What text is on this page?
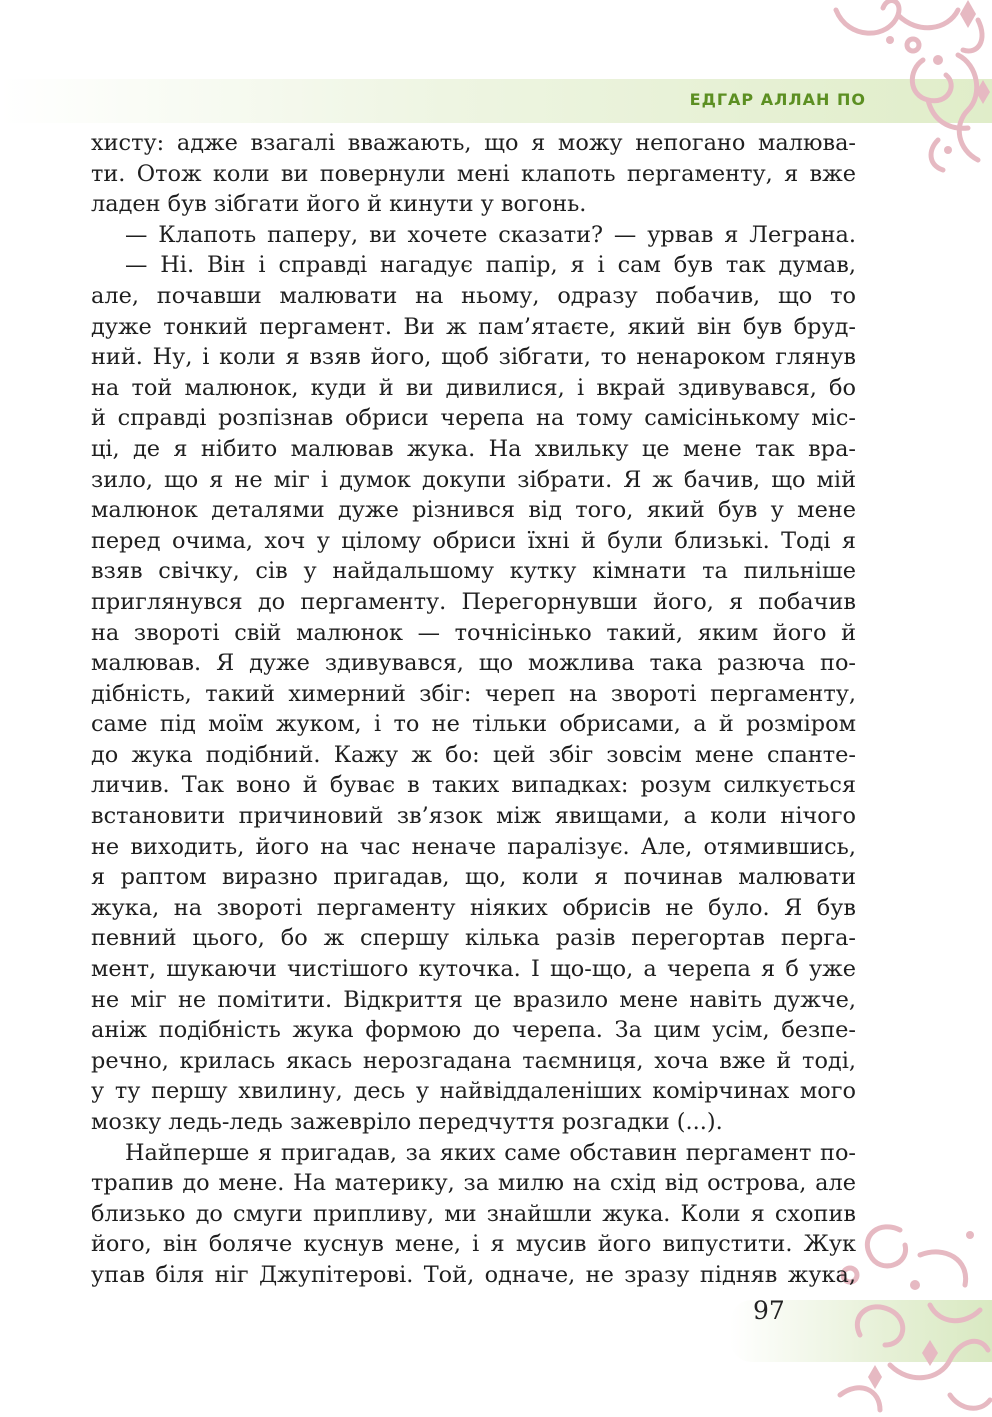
ЕДГАР АЛЛАН ПО
хисту: адже взагалі вважають, що я можу непогано малюва-
ти. Отож коли ви повернули мені клапоть пергаменту, я вже
ладен був зібгати його й кинути у вогонь.
— Клапоть паперу, ви хочете сказати? — урвав я Леграна.
— Ні. Він і справді нагадує папір, я і сам був так думав,
але, почавши малювати на ньому, одразу побачив, що то
дуже тонкий пергамент. Ви ж пам’ятаєте, який він був бруд-
ний. Ну, і коли я взяв його, щоб зібгати, то ненароком глянув
на той малюнок, куди й ви дивилися, і вкрай здивувався, бо
й справді розпізнав обриси черепа на тому самісінькому міс-
ці, де я нібито малював жука. На хвильку це мене так вра-
зило, що я не міг і думок докупи зібрати. Я ж бачив, що мій
малюнок деталями дуже різнився від того, який був у мене
перед очима, хоч у цілому обриси їхні й були близькі. Тоді я
взяв свічку, сів у найдальшому кутку кімнати та пильніше
приглянувся до пергаменту. Перегорнувши його, я побачив
на звороті свій малюнок — точнісінько такий, яким його й
малював. Я дуже здивувався, що можлива така разюча по-
дібність, такий химерний збіг: череп на звороті пергаменту,
саме під моїм жуком, і то не тільки обрисами, а й розміром
до жука подібний. Кажу ж бо: цей збіг зовсім мене спанте-
личив. Так воно й буває в таких випадках: розум силкується
встановити причиновий зв’язок між явищами, а коли нічого
не виходить, його на час неначе паралізує. Але, отямившись,
я раптом виразно пригадав, що, коли я починав малювати
жука, на звороті пергаменту ніяких обрисів не було. Я був
певний цього, бо ж спершу кілька разів перегортав перга-
мент, шукаючи чистішого куточка. І що-що, а черепа я б уже
не міг не помітити. Відкриття це вразило мене навіть дужче,
аніж подібність жука формою до черепа. За цим усім, безпе-
речно, крилась якась нерозгадана таємниця, хоча вже й тоді,
у ту першу хвилину, десь у найвіддаленіших комірчинах мого
мозку ледь-ледь зажевріло передчуття розгадки (...).
Найперше я пригадав, за яких саме обставин пергамент по-
трапив до мене. На материку, за милю на схід від острова, але
близько до смуги припливу, ми знайшли жука. Коли я схопив
його, він боляче куснув мене, і я мусив його випустити. Жук
упав біля ніг Джупітерові. Той, одначе, не зразу підняв жука,
97
